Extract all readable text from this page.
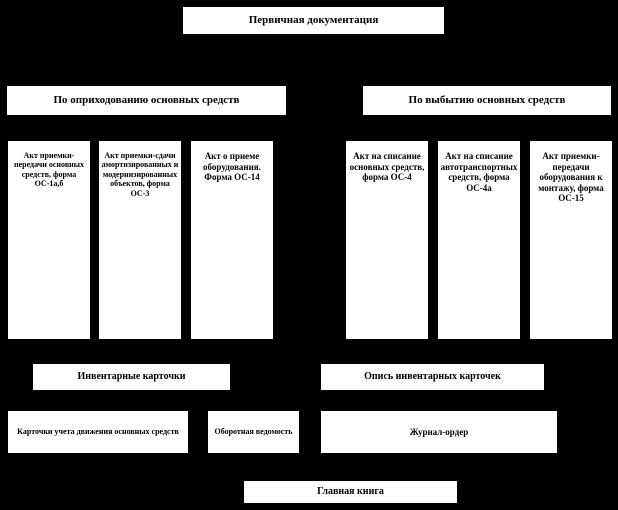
Первичная документация
По оприходованию основных средств	По выбытию основных средств
Акт приемки-передачи основных средств, форма ОС-1а,б
Акт приемки-сдачи амортизированных и модернизированных объектов, форма ОС-3
Акт о приеме оборудования. Форма ОС-14
Акт на списание основных средств, форма ОС-4
Акт на списание автотранспортных средств, форма ОС-4а
Акт приемки-передачи оборудования к монтажу, форма ОС-15
Инвентарные карточки	Опись инвентарных карточек
Карточки учета движения основных средств	Оборотная ведомость	Журнал-ордер
Главная книга
